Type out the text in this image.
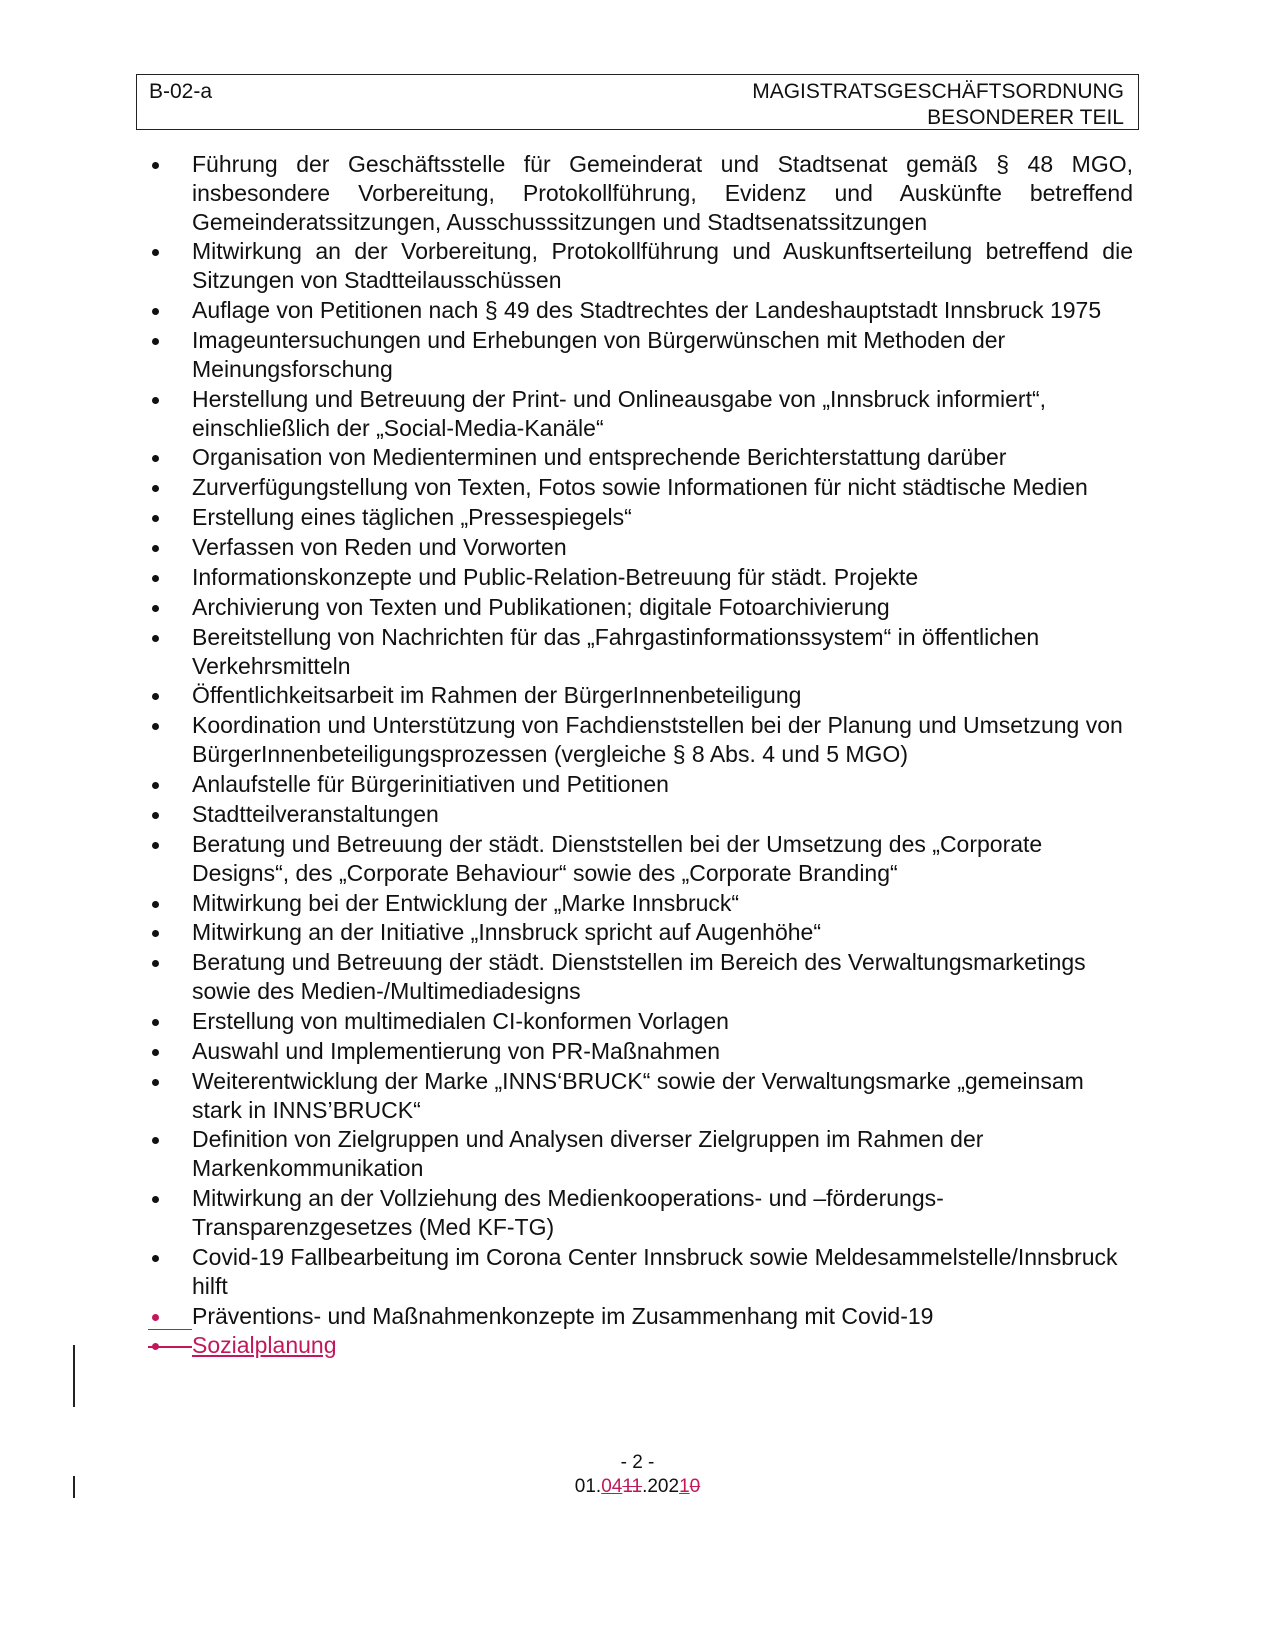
B-02-a	MAGISTRATSGESCHÄFTSORDNUNG
BESONDERER TEIL
Führung der Geschäftsstelle für Gemeinderat und Stadtsenat gemäß § 48 MGO, insbesondere Vorbereitung, Protokollführung, Evidenz und Auskünfte betreffend Gemeinderatssitzungen, Ausschusssitzungen und Stadtsenatssitzungen
Mitwirkung an der Vorbereitung, Protokollführung und Auskunftserteilung betreffend die Sitzungen von Stadtteilausschüssen
Auflage von Petitionen nach § 49 des Stadtrechtes der Landeshauptstadt Innsbruck 1975
Imageuntersuchungen und Erhebungen von Bürgerwünschen mit Methoden der Meinungsforschung
Herstellung und Betreuung der Print- und Onlineausgabe von „Innsbruck informiert“, einschließlich der „Social-Media-Kanäle“
Organisation von Medienterminen und entsprechende Berichterstattung darüber
Zurverfügungstellung von Texten, Fotos sowie Informationen für nicht städtische Medien
Erstellung eines täglichen „Pressespiegels“
Verfassen von Reden und Vorworten
Informationskonzepte und Public-Relation-Betreuung für städt. Projekte
Archivierung von Texten und Publikationen; digitale Fotoarchivierung
Bereitstellung von Nachrichten für das „Fahrgastinformationssystem“ in öffentlichen Verkehrsmitteln
Öffentlichkeitsarbeit im Rahmen der BürgerInnenbeteiligung
Koordination und Unterstützung von Fachdienststellen bei der Planung und Umsetzung von BürgerInnenbeteiligungsprozessen (vergleiche § 8 Abs. 4 und 5 MGO)
Anlaufstelle für Bürgerinitiativen und Petitionen
Stadtteilveranstaltungen
Beratung und Betreuung der städt. Dienststellen bei der Umsetzung des „Corporate Designs“, des „Corporate Behaviour“ sowie des „Corporate Branding“
Mitwirkung bei der Entwicklung der „Marke Innsbruck“
Mitwirkung an der Initiative „Innsbruck spricht auf Augenhöhe“
Beratung und Betreuung der städt. Dienststellen im Bereich des Verwaltungsmarketings sowie des Medien-/Multimediadesigns
Erstellung von multimedialen CI-konformen Vorlagen
Auswahl und Implementierung von PR-Maßnahmen
Weiterentwicklung der Marke „INNS‘BRUCK“ sowie der Verwaltungsmarke „gemeinsam stark in INNS’BRUCK“
Definition von Zielgruppen und Analysen diverser Zielgruppen im Rahmen der Markenkommunikation
Mitwirkung an der Vollziehung des Medienkooperations- und –förderungs-Transparenzgesetzes (Med KF-TG)
Covid-19 Fallbearbeitung im Corona Center Innsbruck sowie Meldesammelstelle/Innsbruck hilft
Präventions- und Maßnahmenkonzepte im Zusammenhang mit Covid-19
Sozialplanung
- 2 -
01.0411.20210
